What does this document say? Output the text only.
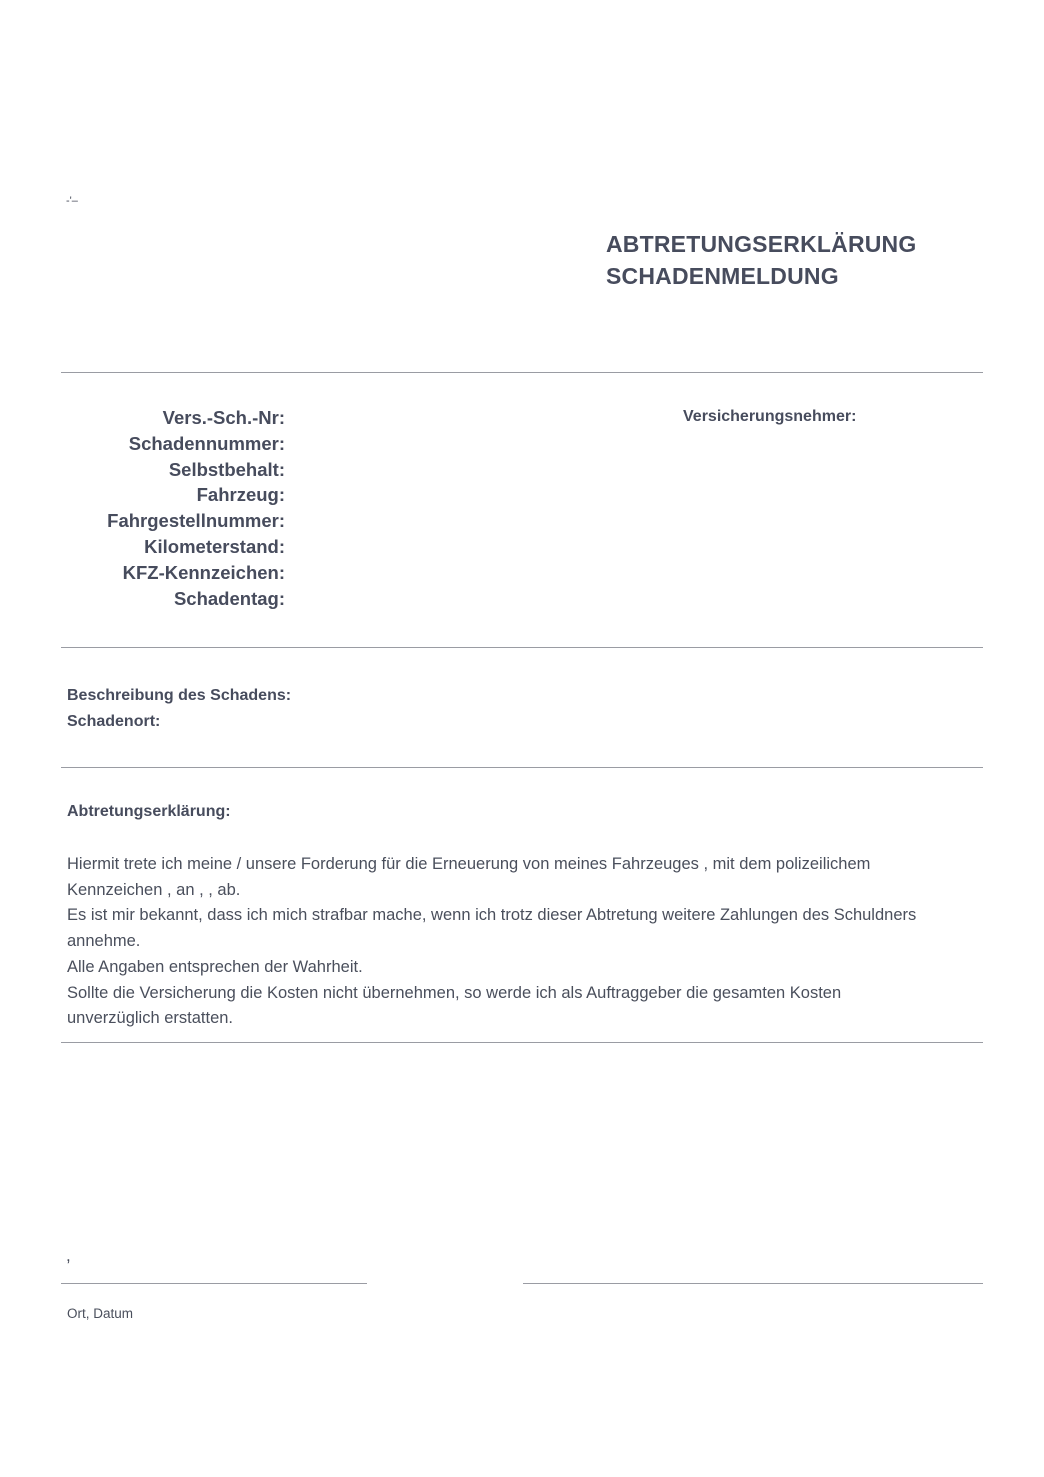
-'–
ABTRETUNGSERKLÄRUNG
SCHADENMELDUNG
Vers.-Sch.-Nr:
Schadennummer:
Selbstbehalt:
Fahrzeug:
Fahrgestellnummer:
Kilometerstand:
KFZ-Kennzeichen:
Schadentag:
Versicherungsnehmer:
Beschreibung des Schadens:
Schadenort:
Abtretungserklärung:
Hiermit trete ich meine / unsere Forderung für die Erneuerung von meines Fahrzeuges , mit dem polizeilichem
Kennzeichen , an , , ab.
Es ist mir bekannt, dass ich mich strafbar mache, wenn ich trotz dieser Abtretung weitere Zahlungen des Schuldners
annehme.
Alle Angaben entsprechen der Wahrheit.
Sollte die Versicherung die Kosten nicht übernehmen, so werde ich als Auftraggeber die gesamten Kosten
unverzüglich erstatten.
,
Ort, Datum
